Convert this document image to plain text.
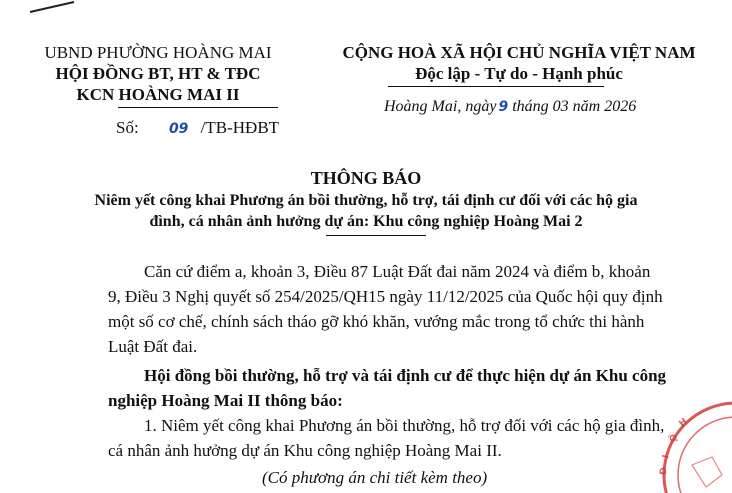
UBND PHƯỜNG HOÀNG MAI
HỘI ĐỒNG BT, HT & TĐC
KCN HOÀNG MAI II
Số: 09 /TB-HĐBT
CỘNG HOÀ XÃ HỘI CHỦ NGHĨA VIỆT NAM
Độc lập - Tự do - Hạnh phúc
Hoàng Mai, ngày 9 tháng 03 năm 2026
THÔNG BÁO
Niêm yết công khai Phương án bồi thường, hỗ trợ, tái định cư đối với các hộ gia
đình, cá nhân ảnh hưởng dự án: Khu công nghiệp Hoàng Mai 2
Căn cứ điểm a, khoản 3, Điều 87 Luật Đất đai năm 2024 và điểm b, khoản
9, Điều 3 Nghị quyết số 254/2025/QH15 ngày 11/12/2025 của Quốc hội quy định
một số cơ chế, chính sách tháo gỡ khó khăn, vướng mắc trong tổ chức thi hành
Luật Đất đai.
Hội đồng bồi thường, hỗ trợ và tái định cư để thực hiện dự án Khu công
nghiệp Hoàng Mai II thông báo:
1. Niêm yết công khai Phương án bồi thường, hỗ trợ đối với các hộ gia đình,
cá nhân ảnh hưởng dự án Khu công nghiệp Hoàng Mai II.
(Có phương án chi tiết kèm theo)
H
Ộ
I
Đ
